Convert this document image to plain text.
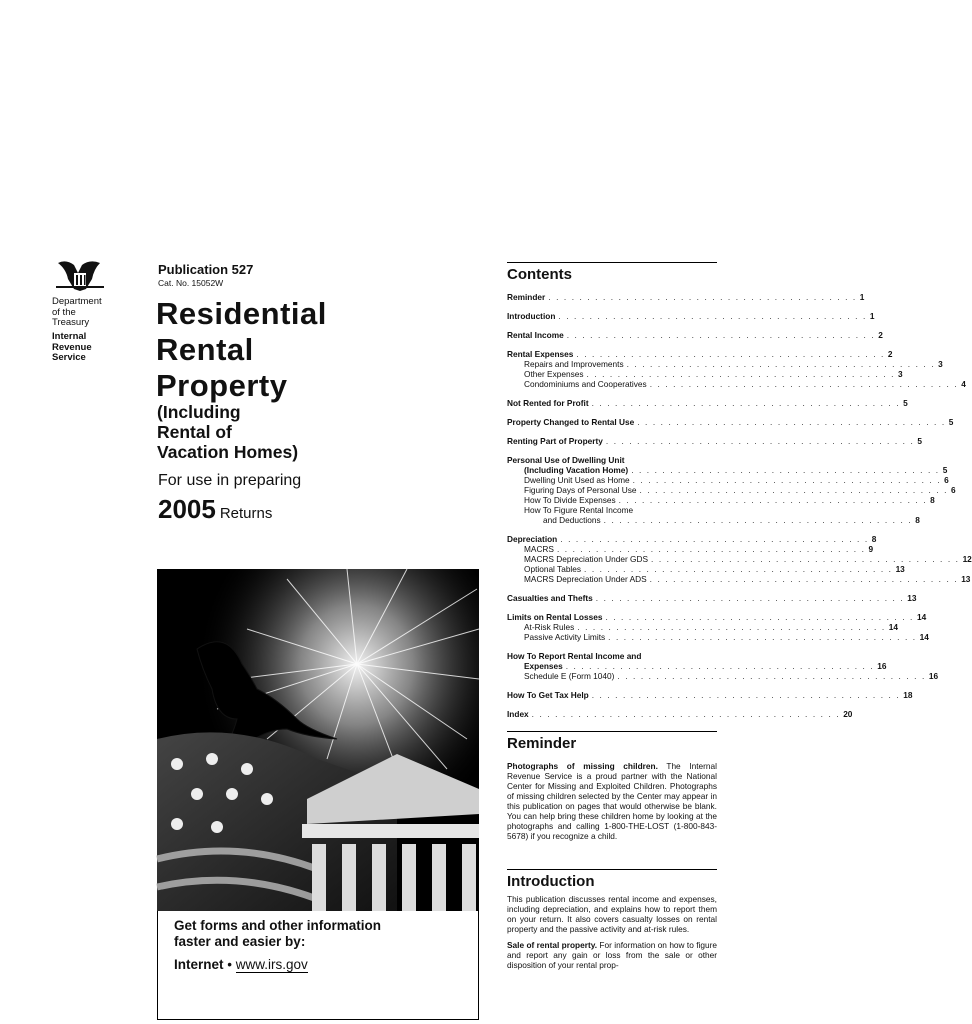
Department
of the
Treasury
Internal
Revenue
Service
Publication 527
Cat. No. 15052W
Residential
Rental
Property
(Including
Rental of
Vacation Homes)
For use in preparing
2005 Returns
Get forms and other information
faster and easier by:
Internet • www.irs.gov
Contents
Reminder . . . . . . . . . . . . . . . . . . . . . . . . . . . . . . . . . . . . . . . . 1
Introduction . . . . . . . . . . . . . . . . . . . . . . . . . . . . . . . . . . . . . . . . 1
Rental Income . . . . . . . . . . . . . . . . . . . . . . . . . . . . . . . . . . . . . . . . 2
Rental Expenses . . . . . . . . . . . . . . . . . . . . . . . . . . . . . . . . . . . . . . . . 2
Repairs and Improvements . . . . . . . . . . . . . . . . . . . . . . . . . . . . . . . . . . . . . . . . 3
Other Expenses . . . . . . . . . . . . . . . . . . . . . . . . . . . . . . . . . . . . . . . . 3
Condominiums and Cooperatives . . . . . . . . . . . . . . . . . . . . . . . . . . . . . . . . . . . . . . . . 4
Not Rented for Profit . . . . . . . . . . . . . . . . . . . . . . . . . . . . . . . . . . . . . . . . 5
Property Changed to Rental Use . . . . . . . . . . . . . . . . . . . . . . . . . . . . . . . . . . . . . . . . 5
Renting Part of Property . . . . . . . . . . . . . . . . . . . . . . . . . . . . . . . . . . . . . . . . 5
Personal Use of Dwelling Unit
(Including Vacation Home) . . . . . . . . . . . . . . . . . . . . . . . . . . . . . . . . . . . . . . . . 5
Dwelling Unit Used as Home . . . . . . . . . . . . . . . . . . . . . . . . . . . . . . . . . . . . . . . . 6
Figuring Days of Personal Use . . . . . . . . . . . . . . . . . . . . . . . . . . . . . . . . . . . . . . . . 6
How To Divide Expenses . . . . . . . . . . . . . . . . . . . . . . . . . . . . . . . . . . . . . . . . 8
How To Figure Rental Income
and Deductions . . . . . . . . . . . . . . . . . . . . . . . . . . . . . . . . . . . . . . . . 8
Depreciation . . . . . . . . . . . . . . . . . . . . . . . . . . . . . . . . . . . . . . . . 8
MACRS . . . . . . . . . . . . . . . . . . . . . . . . . . . . . . . . . . . . . . . . 9
MACRS Depreciation Under GDS . . . . . . . . . . . . . . . . . . . . . . . . . . . . . . . . . . . . . . . . 12
Optional Tables . . . . . . . . . . . . . . . . . . . . . . . . . . . . . . . . . . . . . . . . 13
MACRS Depreciation Under ADS . . . . . . . . . . . . . . . . . . . . . . . . . . . . . . . . . . . . . . . . 13
Casualties and Thefts . . . . . . . . . . . . . . . . . . . . . . . . . . . . . . . . . . . . . . . . 13
Limits on Rental Losses . . . . . . . . . . . . . . . . . . . . . . . . . . . . . . . . . . . . . . . . 14
At-Risk Rules . . . . . . . . . . . . . . . . . . . . . . . . . . . . . . . . . . . . . . . . 14
Passive Activity Limits . . . . . . . . . . . . . . . . . . . . . . . . . . . . . . . . . . . . . . . . 14
How To Report Rental Income and
Expenses . . . . . . . . . . . . . . . . . . . . . . . . . . . . . . . . . . . . . . . . 16
Schedule E (Form 1040) . . . . . . . . . . . . . . . . . . . . . . . . . . . . . . . . . . . . . . . . 16
How To Get Tax Help . . . . . . . . . . . . . . . . . . . . . . . . . . . . . . . . . . . . . . . . 18
Index . . . . . . . . . . . . . . . . . . . . . . . . . . . . . . . . . . . . . . . . 20
Reminder
Photographs of missing children. The Internal Revenue Service is a proud partner with the National Center for Missing and Exploited Children. Photographs of missing children selected by the Center may appear in this publication on pages that would otherwise be blank. You can help bring these children home by looking at the photographs and calling 1-800-THE-LOST (1-800-843-5678) if you recognize a child.
Introduction
This publication discusses rental income and expenses, including depreciation, and explains how to report them on your return. It also covers casualty losses on rental property and the passive activity and at-risk rules.
Sale of rental property. For information on how to figure and report any gain or loss from the sale or other disposition of your rental prop-
